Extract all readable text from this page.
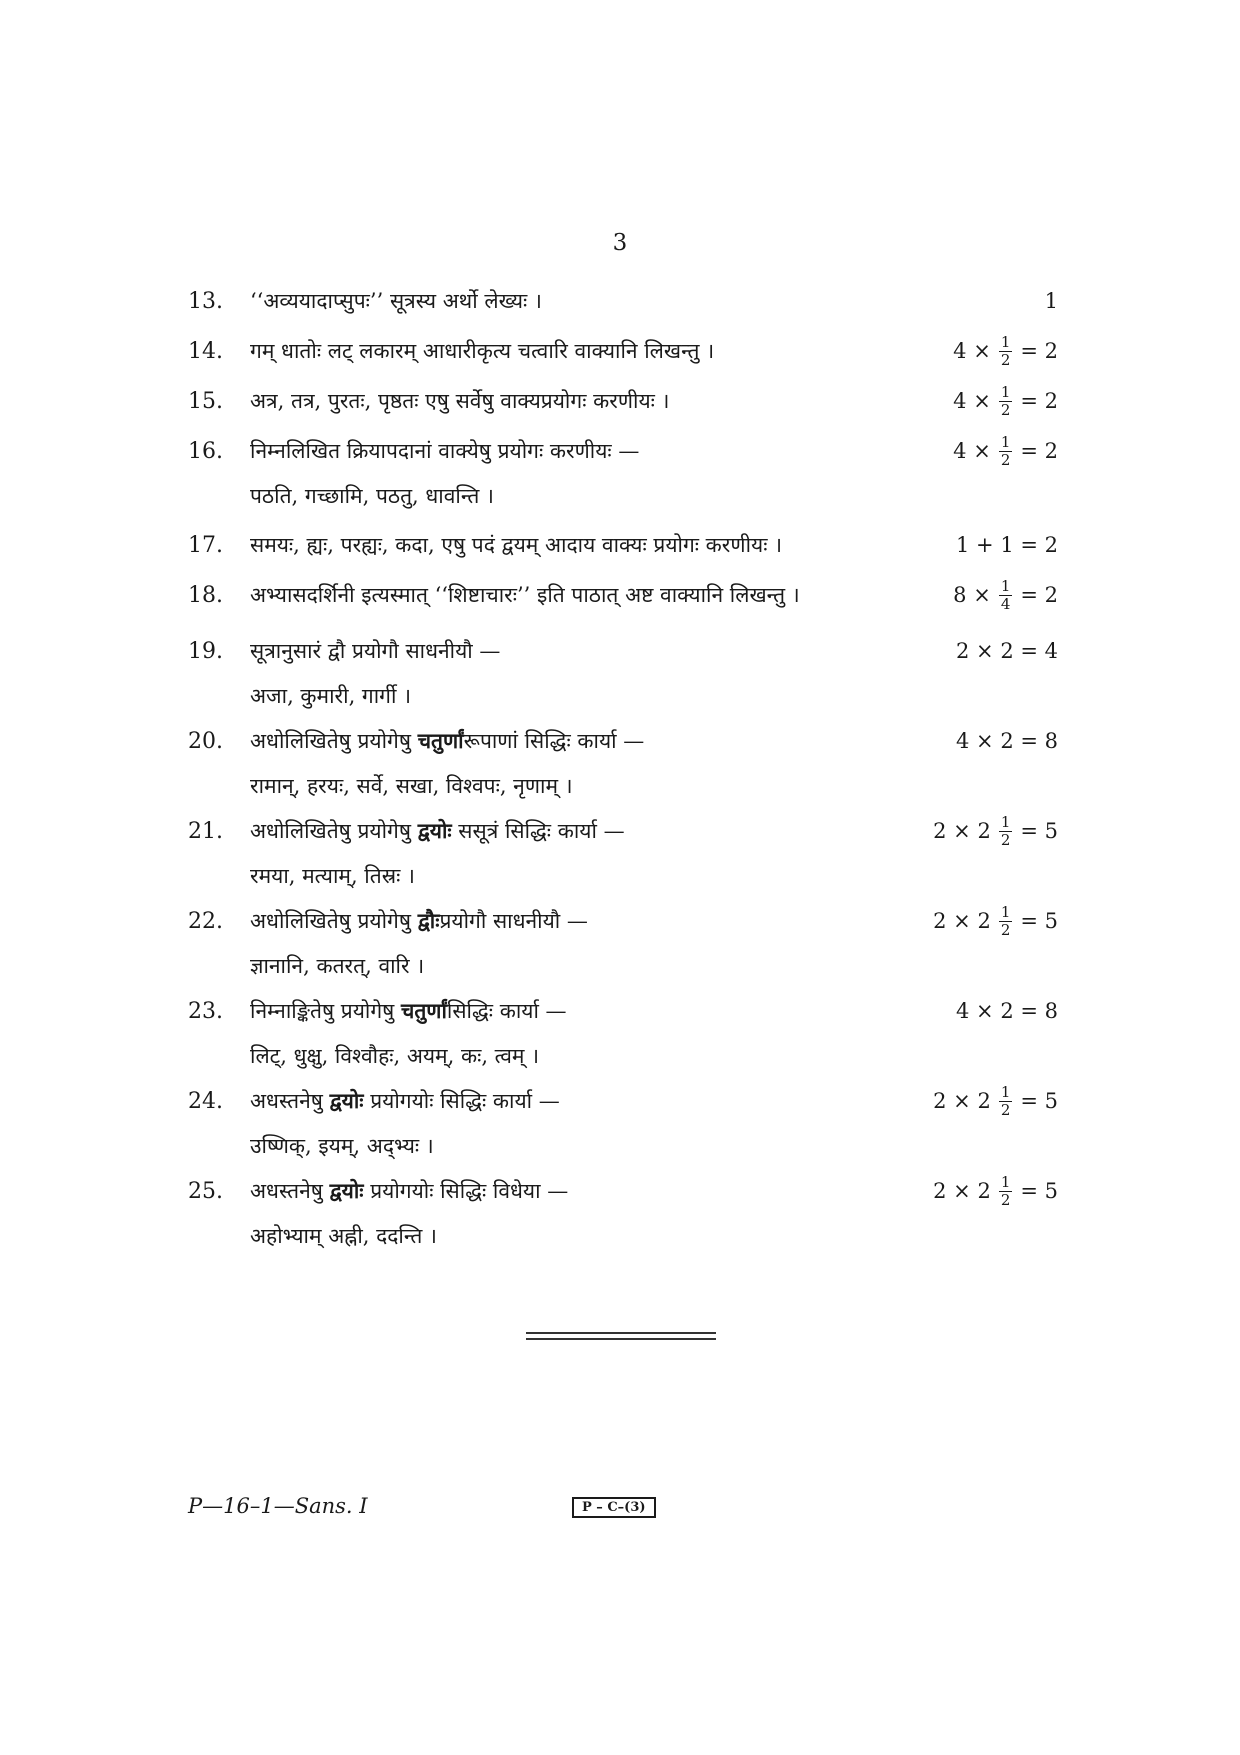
3
13.	‘‘अव्ययादाप्सुपः’’ सूत्रस्य अर्थो लेख्यः ।	1
14.	गम् धातोः लट् लकारम् आधारीकृत्य चत्वारि वाक्यानि लिखन्तु ।	$4 \times \frac{1}{2} = 2$
15.	अत्र, तत्र, पुरतः, पृष्ठतः एषु सर्वेषु वाक्यप्रयोगः करणीयः ।	$4 \times \frac{1}{2} = 2$
16.	निम्नलिखित क्रियापदानां वाक्येषु प्रयोगः करणीयः —	$4 \times \frac{1}{2} = 2$
पठति, गच्छामि, पठतु, धावन्ति ।
17.	समयः, ह्यः, परह्यः, कदा, एषु पदं द्वयम् आदाय वाक्यः प्रयोगः करणीयः ।	1 + 1 = 2
18.	अभ्यासदर्शिनी इत्यस्मात् ‘‘शिष्टाचारः’’ इति पाठात् अष्ट वाक्यानि लिखन्तु ।	$8 \times \frac{1}{4} = 2$
19.	सूत्रानुसारं द्वौ प्रयोगौ साधनीयौ —	2 × 2 = 4
अजा, कुमारी, गार्गी ।
20.	अधोलिखितेषु प्रयोगेषु चतुर्णांरूपाणां सिद्धिः कार्या —	4 × 2 = 8
रामान्, हरयः, सर्वे, सखा, विश्वपः, नृणाम् ।
21.	अधोलिखितेषु प्रयोगेषु द्वयोः ससूत्रं सिद्धिः कार्या —	$2 \times 2 \frac{1}{2} = 5$
रमया, मत्याम्, तिस्रः ।
22.	अधोलिखितेषु प्रयोगेषु द्वौःप्रयोगौ साधनीयौ —	$2 \times 2 \frac{1}{2} = 5$
ज्ञानानि, कतरत्, वारि ।
23.	निम्नाङ्कितेषु प्रयोगेषु चतुर्णांसिद्धिः कार्या —	4 × 2 = 8
लिट्, धुक्षु, विश्वौहः, अयम्, कः, त्वम् ।
24.	अधस्तनेषु द्वयोः प्रयोगयोः सिद्धिः कार्या —	$2 \times 2 \frac{1}{2} = 5$
उष्णिक्, इयम्, अद्भ्यः ।
25.	अधस्तनेषु द्वयोः प्रयोगयोः सिद्धिः विधेया —	$2 \times 2 \frac{1}{2} = 5$
अहोभ्याम् अह्नी, ददन्ति ।
P—16–1—Sans. I	P – C–(3)
